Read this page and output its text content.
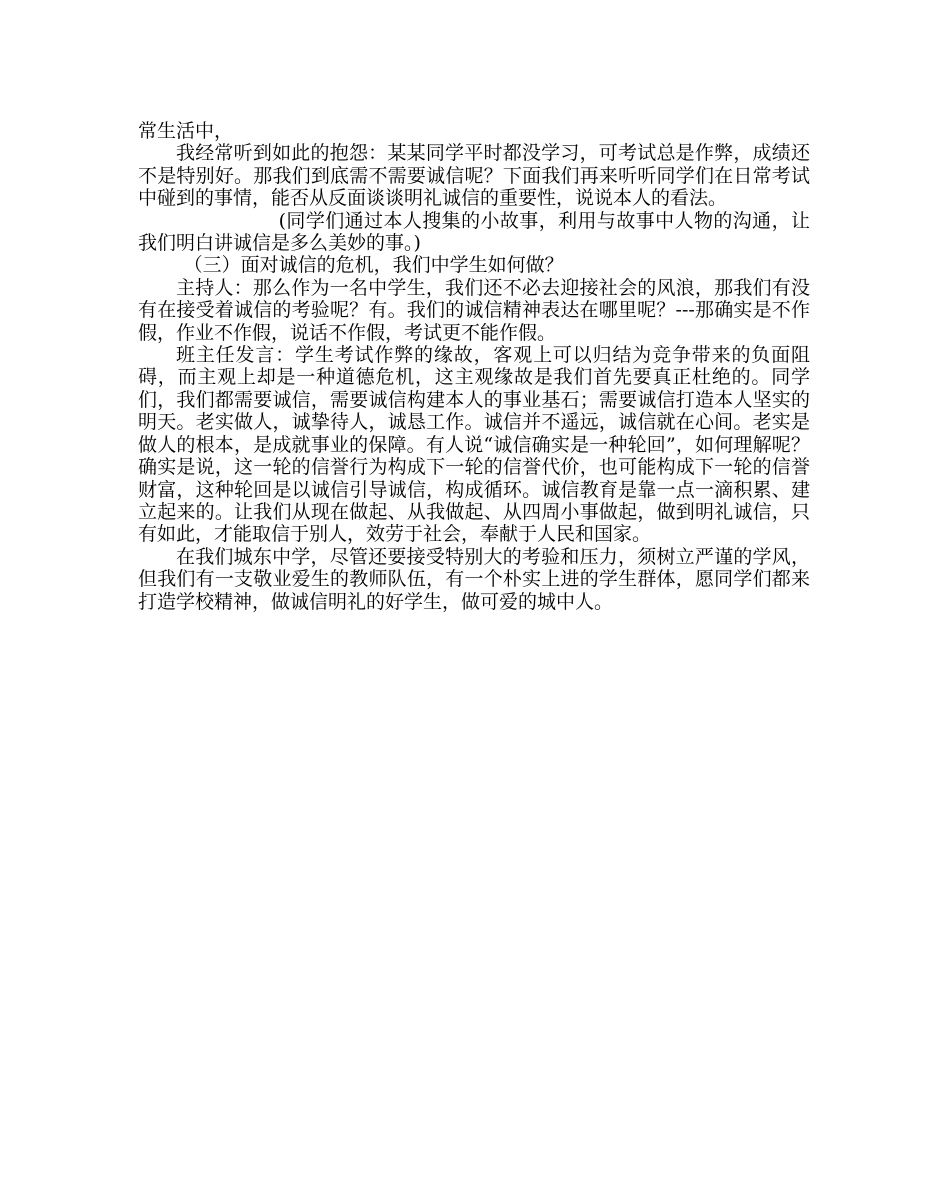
常生活中，

我经常听到如此的抱怨：某某同学平时都没学习，可考试总是作弊，成绩还不是特别好。那我们到底需不需要诚信呢？下面我们再来听听同学们在日常考试中碰到的事情，能否从反面谈谈明礼诚信的重要性，说说本人的看法。

(同学们通过本人搜集的小故事，利用与故事中人物的沟通，让我们明白讲诚信是多么美妙的事。)

（三）面对诚信的危机，我们中学生如何做？

主持人：那么作为一名中学生，我们还不必去迎接社会的风浪，那我们有没有在接受着诚信的考验呢？有。我们的诚信精神表达在哪里呢？---那确实是不作假，作业不作假，说话不作假，考试更不能作假。

班主任发言：学生考试作弊的缘故，客观上可以归结为竞争带来的负面阻碍，而主观上却是一种道德危机，这主观缘故是我们首先要真正杜绝的。同学们，我们都需要诚信，需要诚信构建本人的事业基石；需要诚信打造本人坚实的明天。老实做人，诚挚待人，诚恳工作。诚信并不遥远，诚信就在心间。老实是做人的根本，是成就事业的保障。有人说“诚信确实是一种轮回”，如何理解呢？确实是说，这一轮的信誉行为构成下一轮的信誉代价，也可能构成下一轮的信誉财富，这种轮回是以诚信引导诚信，构成循环。诚信教育是靠一点一滴积累、建立起来的。让我们从现在做起、从我做起、从四周小事做起，做到明礼诚信，只有如此，才能取信于别人，效劳于社会，奉献于人民和国家。

在我们城东中学，尽管还要接受特别大的考验和压力，须树立严谨的学风，但我们有一支敬业爱生的教师队伍，有一个朴实上进的学生群体，愿同学们都来打造学校精神，做诚信明礼的好学生，做可爱的城中人。
